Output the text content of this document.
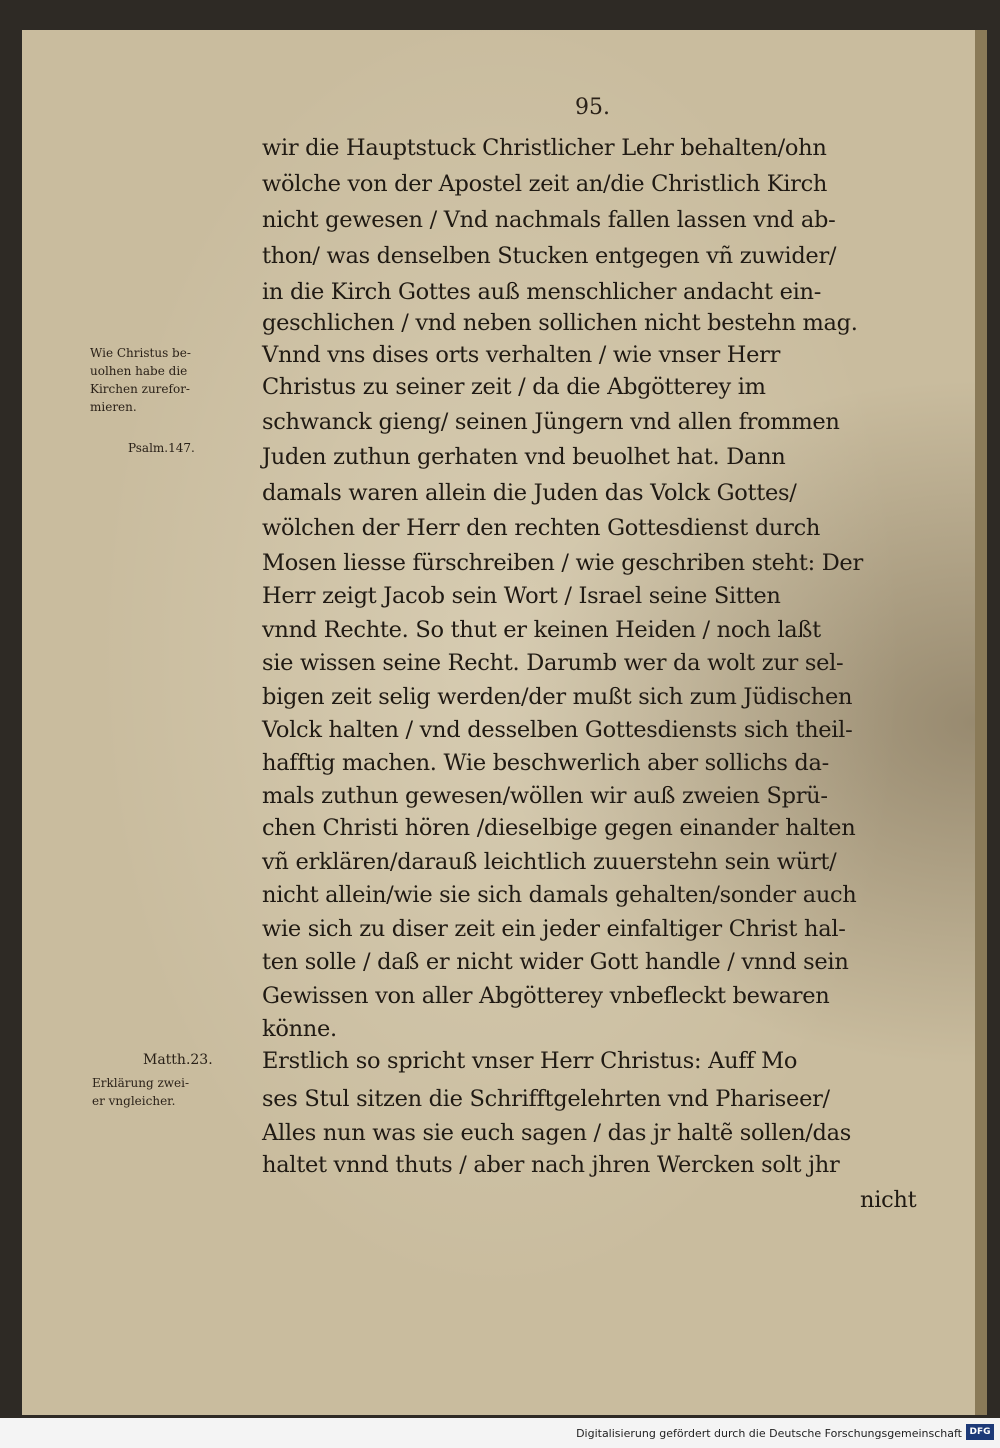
95.

wir die Hauptstuck Christlicher Lehr behalten/ohn

wölche von der Apostel zeit an/die Christlich Kirch

nicht gewesen / Vnd nachmals fallen lassen vnd ab-

thon/ was denselben Stucken entgegen vñ zuwider/

in die Kirch Gottes auß menschlicher andacht ein-

geschlichen / vnd neben sollichen nicht bestehn mag.

Vnnd vns dises orts verhalten / wie vnser Herr

Christus zu seiner zeit / da die Abgötterey im

schwanck gieng/ seinen Jüngern vnd allen frommen

Juden zuthun gerhaten vnd beuolhet hat. Dann

damals waren allein die Juden das Volck Gottes/

wölchen der Herr den rechten Gottesdienst durch

Mosen liesse fürschreiben / wie geschriben steht: Der

Herr zeigt Jacob sein Wort / Israel seine Sitten

vnnd Rechte. So thut er keinen Heiden / noch laßt

sie wissen seine Recht. Darumb wer da wolt zur sel-

bigen zeit selig werden/der mußt sich zum Jüdischen

Volck halten / vnd desselben Gottesdiensts sich theil-

hafftig machen. Wie beschwerlich aber sollichs da-

mals zuthun gewesen/wöllen wir auß zweien Sprü-

chen Christi hören /dieselbige gegen einander halten

vñ erklären/darauß leichtlich zuuerstehn sein würt/

nicht allein/wie sie sich damals gehalten/sonder auch

wie sich zu diser zeit ein jeder einfaltiger Christ hal-

ten solle / daß er nicht wider Gott handle / vnnd sein

Gewissen von aller Abgötterey vnbefleckt bewaren

könne.

Erstlich so spricht vnser Herr Christus: Auff Mo

ses Stul sitzen die Schrifftgelehrten vnd Phariseer/

Alles nun was sie euch sagen / das jr haltẽ sollen/das

haltet vnnd thuts / aber nach jhren Wercken solt jhr

nicht

Wie Christus be-

uolhen habe die

Kirchen zurefor-

mieren.

Psalm.147.

Matth.23.

Erklärung zwei-

er vngleicher.

Digitalisierung gefördert durch die Deutsche Forschungsgemeinschaft DFG
